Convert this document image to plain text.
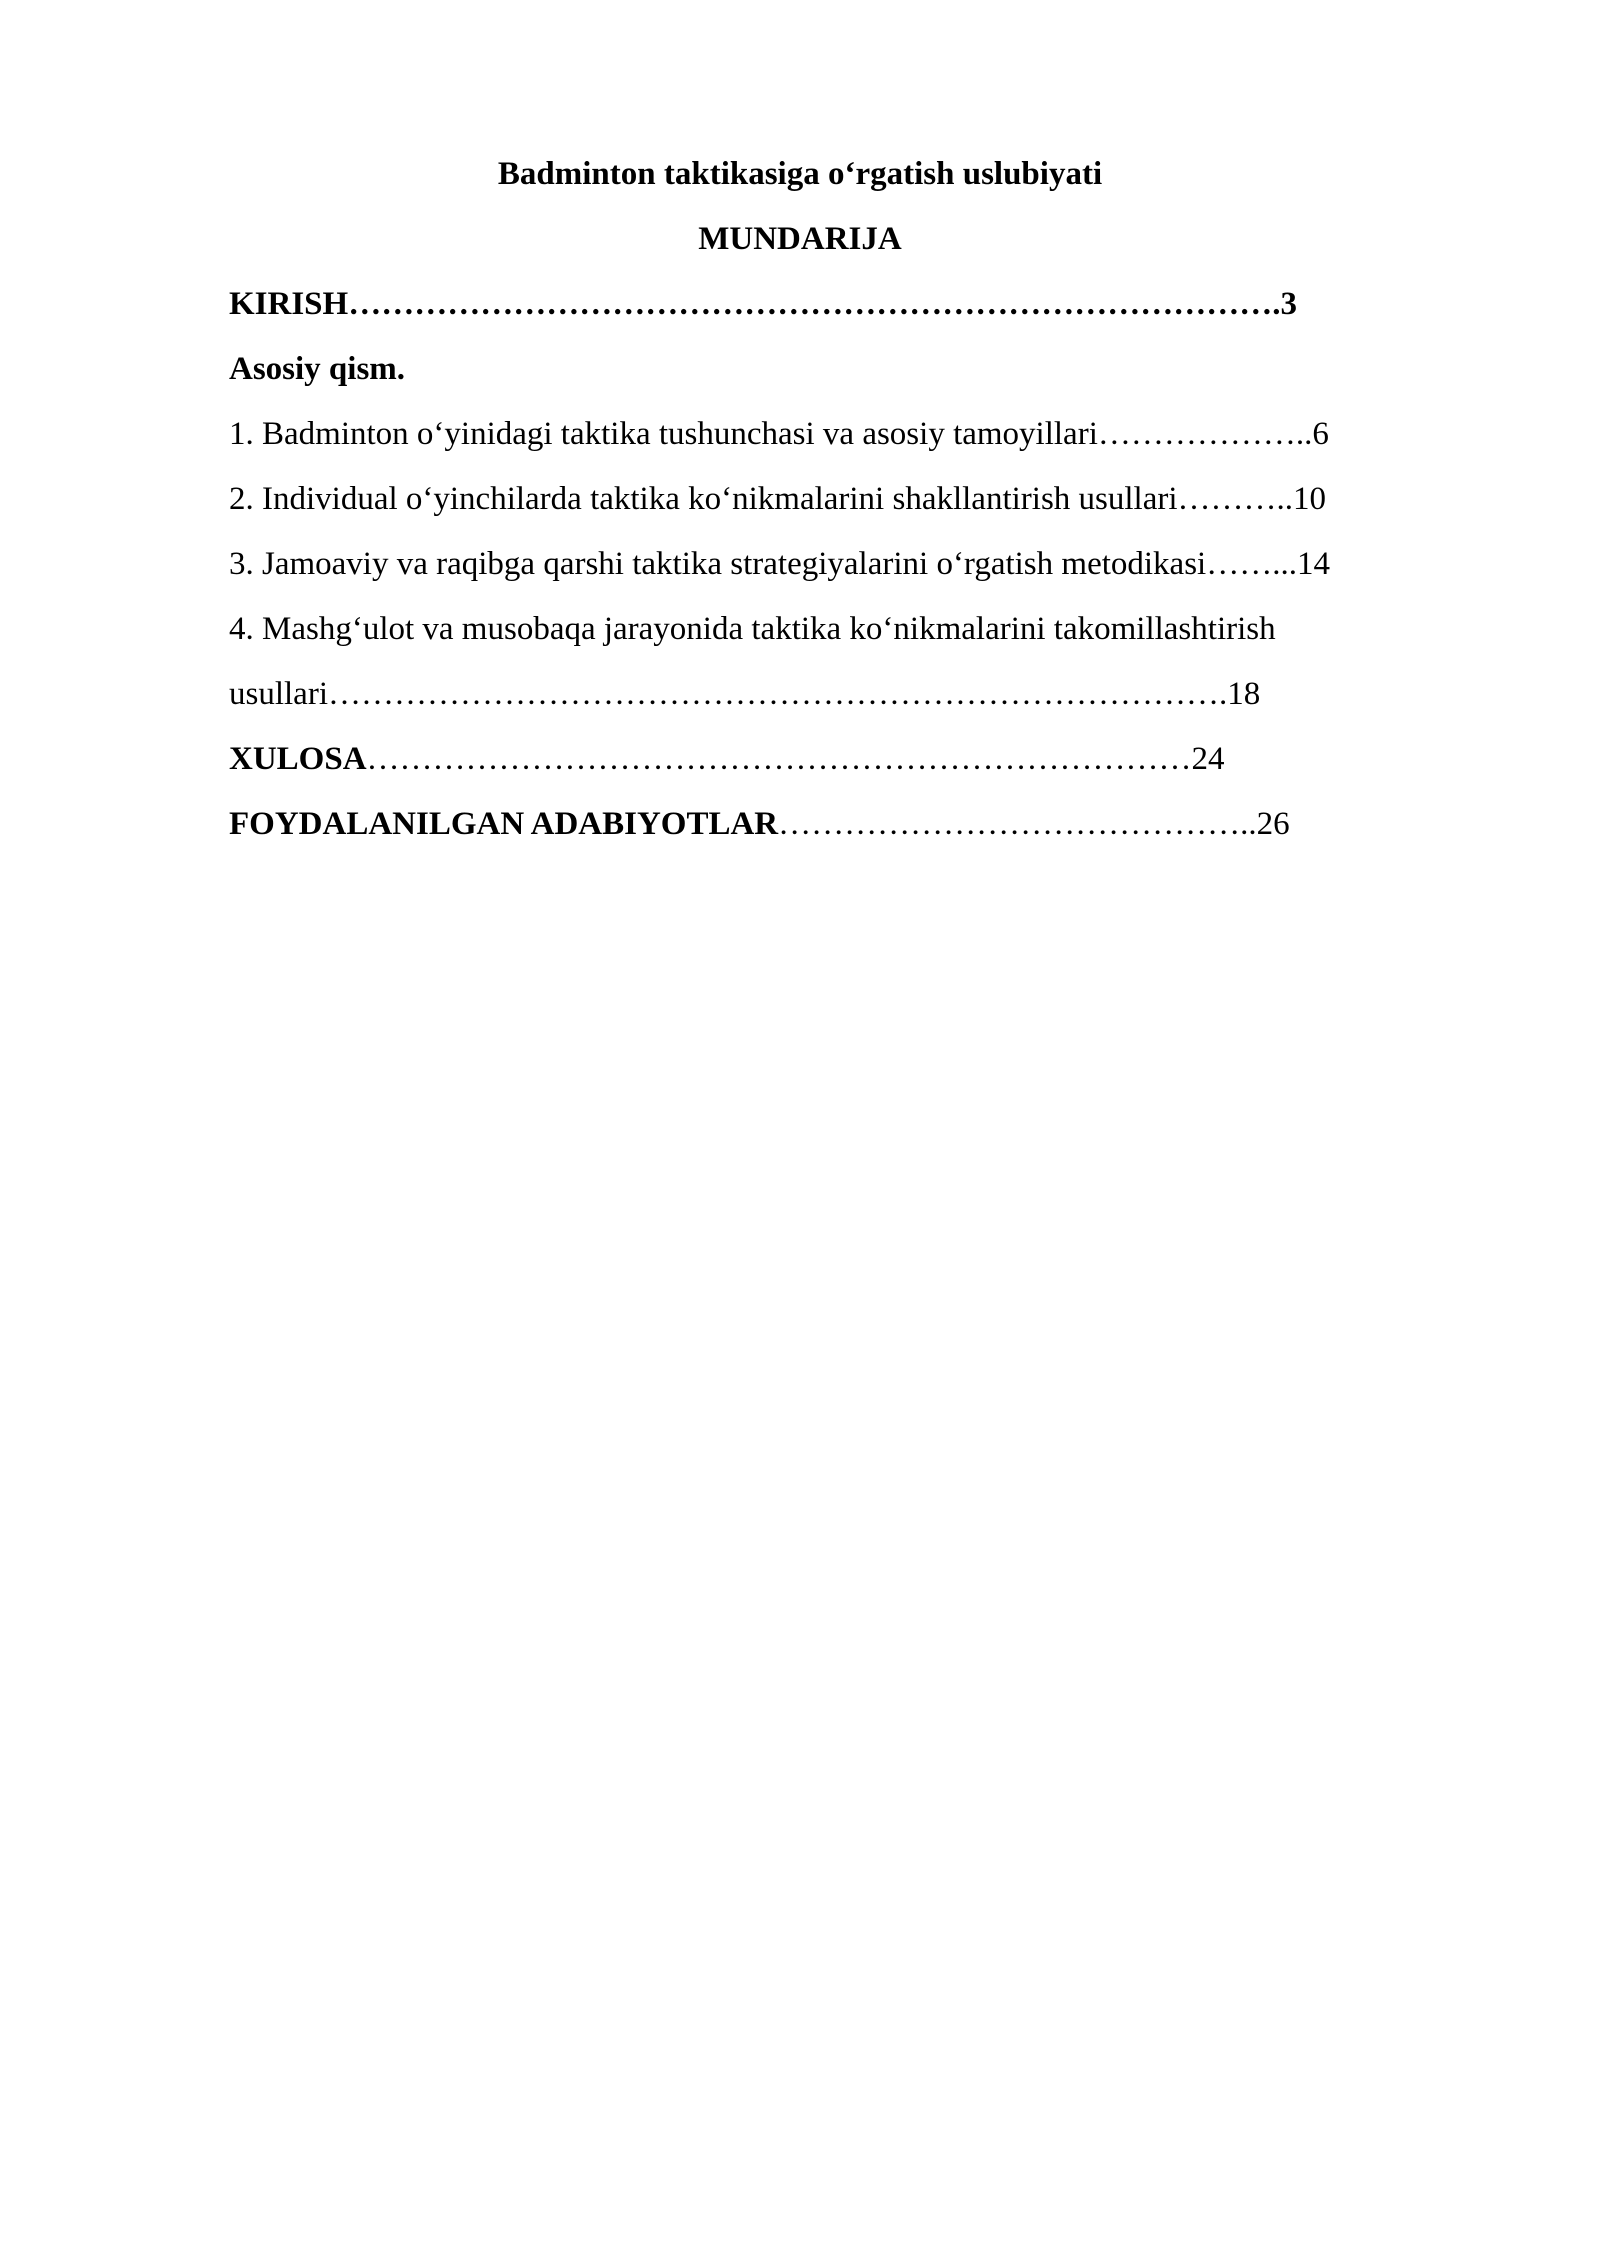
Badminton taktikasiga o‘rgatish uslubiyati
MUNDARIJA
KIRISH………………………………………………………………………….3
Asosiy qism.
1. Badminton o‘yinidagi taktika tushunchasi va asosiy tamoyillari………………..6
2. Individual o‘yinchilarda taktika ko‘nikmalarini shakllantirish usullari………..10
3. Jamoaviy va raqibga qarshi taktika strategiyalarini o‘rgatish metodikasi……...14
4. Mashg‘ulot va musobaqa jarayonida taktika ko‘nikmalarini takomillashtirish
usullari……………………………………………………………………….18
XULOSA…………………………………………………………………24
FOYDALANILGAN ADABIYOTLAR……………………………………..26
